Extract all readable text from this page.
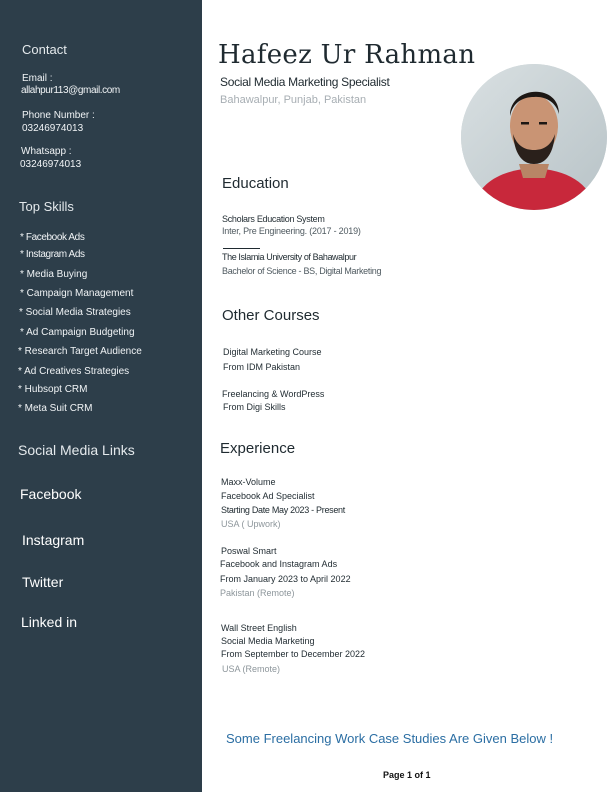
Contact
Email :
allahpur113@gmail.com
Phone Number :
03246974013
Whatsapp :
03246974013
Top Skills
* Facebook Ads
* Instagram Ads
* Media Buying
* Campaign Management
* Social Media Strategies
* Ad Campaign Budgeting
* Research Target Audience
* Ad Creatives Strategies
* Hubsopt CRM
* Meta Suit CRM
Social Media Links
Facebook
Instagram
Twitter
Linked in
Hafeez Ur Rahman
Social Media Marketing Specialist
Bahawalpur, Punjab, Pakistan
Education
Scholars Education System
Inter, Pre Engineering. (2017 - 2019)
The Islamia University of Bahawalpur
Bachelor of Science - BS, Digital Marketing
Other Courses
Digital Marketing Course
From IDM Pakistan
Freelancing & WordPress
From Digi Skills
Experience
Maxx-Volume
Facebook Ad Specialist
Starting Date May 2023 - Present
USA ( Upwork)
Poswal Smart
Facebook and Instagram Ads
From January 2023 to April 2022
Pakistan (Remote)
Wall Street English
Social Media Marketing
From September to December 2022
USA (Remote)
Some Freelancing Work Case Studies Are Given Below !
Page 1 of 1
